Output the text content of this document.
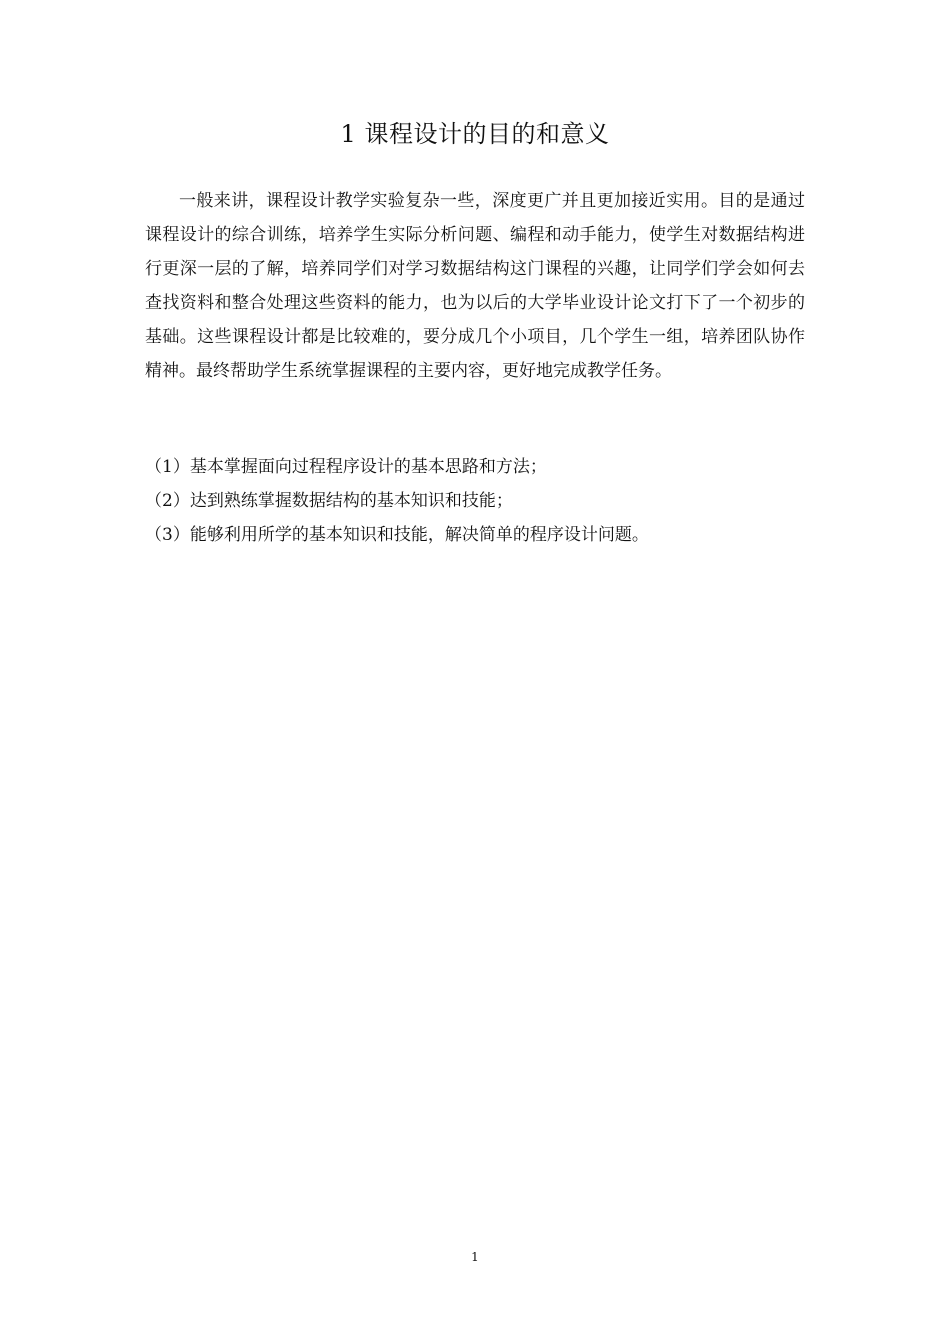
1 课程设计的目的和意义

一般来讲，课程设计教学实验复杂一些，深度更广并且更加接近实用。目的是通过课程设计的综合训练，培养学生实际分析问题、编程和动手能力，使学生对数据结构进行更深一层的了解，培养同学们对学习数据结构这门课程的兴趣，让同学们学会如何去查找资料和整合处理这些资料的能力，也为以后的大学毕业设计论文打下了一个初步的基础。这些课程设计都是比较难的，要分成几个小项目，几个学生一组，培养团队协作精神。最终帮助学生系统掌握课程的主要内容，更好地完成教学任务。

（1）基本掌握面向过程程序设计的基本思路和方法；
（2）达到熟练掌握数据结构的基本知识和技能；
（3）能够利用所学的基本知识和技能，解决简单的程序设计问题。
1
